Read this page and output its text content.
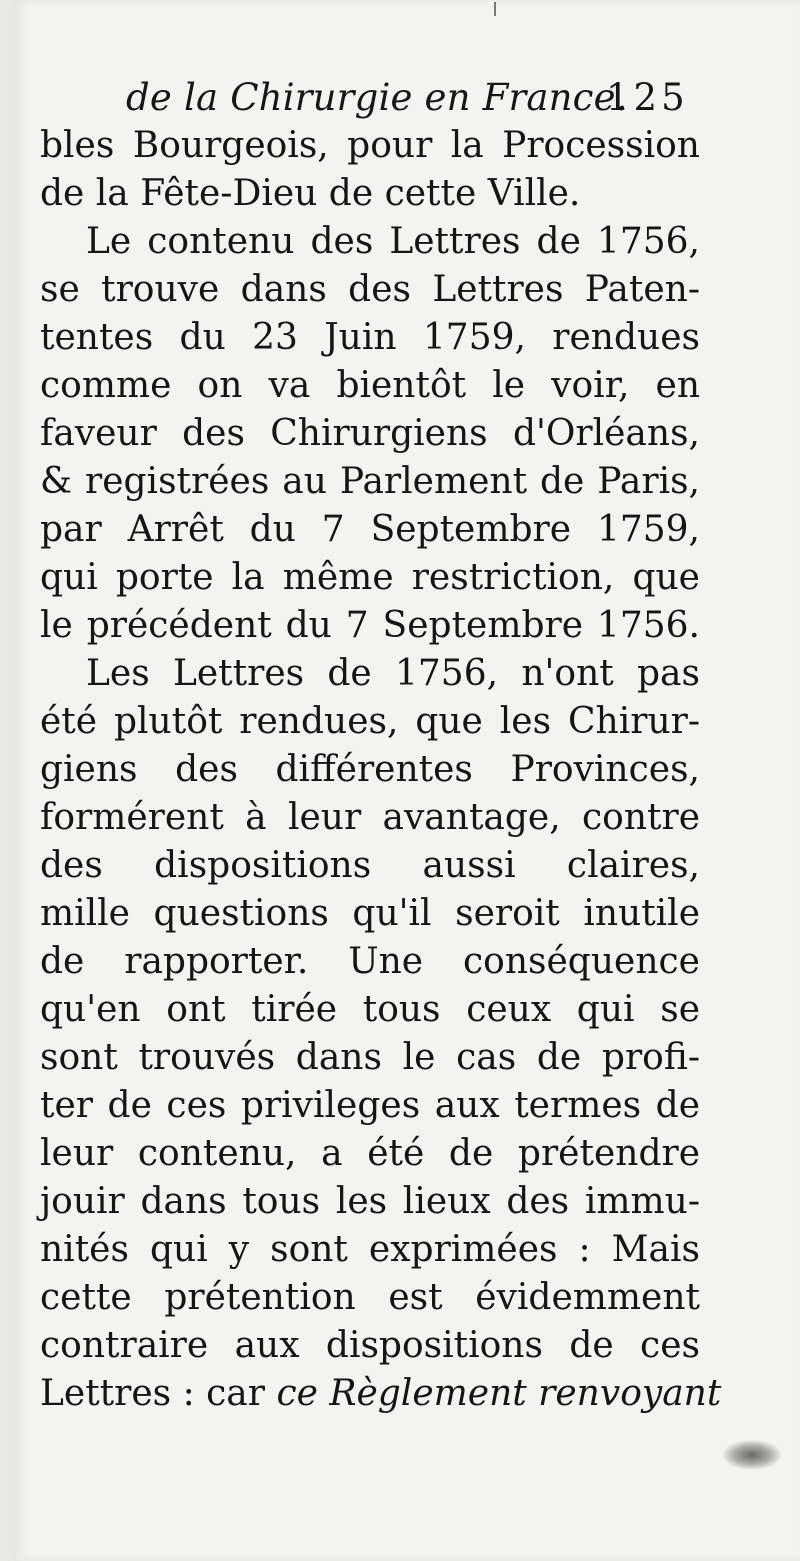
de la Chirurgie en France.
125
bles Bourgeois, pour la Procession
de la Fête-Dieu de cette Ville.
Le contenu des Lettres de 1756,
se trouve dans des Lettres Paten-
tentes du 23 Juin 1759, rendues
comme on va bientôt le voir, en
faveur des Chirurgiens d'Orléans,
& registrées au Parlement de Paris,
par Arrêt du 7 Septembre 1759,
qui porte la même restriction, que
le précédent du 7 Septembre 1756.
Les Lettres de 1756, n'ont pas
été plutôt rendues, que les Chirur-
giens des différentes Provinces,
formérent à leur avantage, contre
des dispositions aussi claires,
mille questions qu'il seroit inutile
de rapporter. Une conséquence
qu'en ont tirée tous ceux qui se
sont trouvés dans le cas de profi-
ter de ces privileges aux termes de
leur contenu, a été de prétendre
jouir dans tous les lieux des immu-
nités qui y sont exprimées : Mais
cette prétention est évidemment
contraire aux dispositions de ces
Lettres : car ce Règlement renvoyant
